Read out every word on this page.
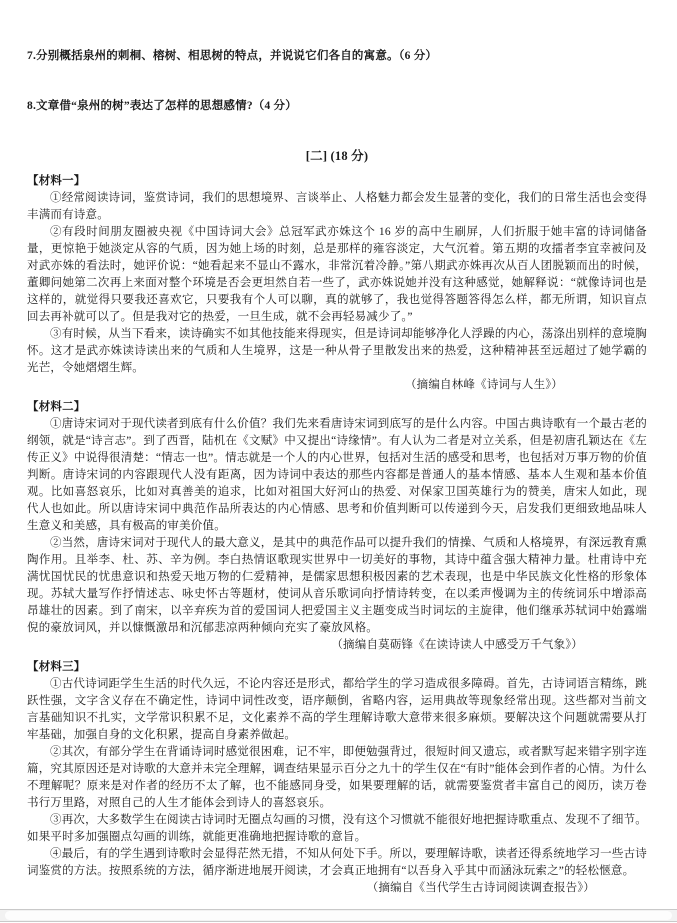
7.分别概括泉州的刺桐、榕树、相思树的特点，并说说它们各自的寓意。（6 分）

8.文章借“泉州的树”表达了怎样的思想感情?（4 分）

[二] (18 分)
【材料一】

①经常阅读诗词，鉴赏诗词，我们的思想境界、言谈举止、人格魅力都会发生显著的变化，我们的日常生活也会变得丰满而有诗意。

②有段时间朋友圈被央视《中国诗词大会》总冠军武亦姝这个 16 岁的高中生刷屏，人们折服于她丰富的诗词储备量，更惊艳于她淡定从容的气质，因为她上场的时刻，总是那样的雍容淡定，大气沉着。第五期的攻擂者李宜幸被问及对武亦姝的看法时，她评价说：“她看起来不显山不露水，非常沉着冷静。”第八期武亦姝再次从百人团脱颖而出的时候，董卿问她第二次再上来面对整个环境是否会更坦然自若一些了，武亦姝说她并没有这种感觉，她解释说：“就像诗词也是这样的，就觉得只要我还喜欢它，只要我有个人可以聊，真的就够了，我也觉得答题答得怎么样，都无所谓，知识盲点回去再补就可以了。但是我对它的热爱，一旦生成，就不会再轻易减少了。”

③有时候，从当下看来，读诗确实不如其他技能来得现实，但是诗词却能够净化人浮躁的内心，荡涤出别样的意境胸怀。这才是武亦姝读诗读出来的气质和人生境界，这是一种从骨子里散发出来的热爱，这种精神甚至远超过了她学霸的光芒，令她熠熠生辉。

（摘编自林峰《诗词与人生》）

【材料二】

①唐诗宋词对于现代读者到底有什么价值？我们先来看唐诗宋词到底写的是什么内容。中国古典诗歌有一个最古老的纲领，就是“诗言志”。到了西晋，陆机在《文赋》中又提出“诗缘情”。有人认为二者是对立关系，但是初唐孔颖达在《左传正义》中说得很清楚：“情志一也”。情志就是一个人的内心世界，包括对生活的感受和思考，也包括对万事万物的价值判断。唐诗宋词的内容跟现代人没有距离，因为诗词中表达的那些内容都是普通人的基本情感、基本人生观和基本价值观。比如喜怒哀乐，比如对真善美的追求，比如对祖国大好河山的热爱、对保家卫国英雄行为的赞美，唐宋人如此，现代人也如此。所以唐诗宋词中典范作品所表达的内心情感、思考和价值判断可以传递到今天，启发我们更细致地品味人生意义和美感，具有极高的审美价值。

②当然，唐诗宋词对于现代人的最大意义，是其中的典范作品可以提升我们的情操、气质和人格境界，有深远教育熏陶作用。且举李、杜、苏、辛为例。李白热情讴歌现实世界中一切美好的事物，其诗中蕴含强大精神力量。杜甫诗中充满忧国忧民的忧患意识和热爱天地万物的仁爱精神，是儒家思想积极因素的艺术表现，也是中华民族文化性格的形象体现。苏轼大量写作抒情述志、咏史怀古等题材，使词从音乐歌词向抒情诗转变，在以柔声慢调为主的传统词乐中增添高昂雄壮的因素。到了南宋，以辛弃疾为首的爱国词人把爱国主义主题变成当时词坛的主旋律，他们继承苏轼词中始露端倪的豪放词风，并以慷慨激昂和沉郁悲凉两种倾向充实了豪放风格。

（摘编自莫砺锋《在读诗读人中感受万千气象》）

【材料三】

①古代诗词距学生生活的时代久远，不论内容还是形式，都给学生的学习造成很多障碍。首先，古诗词语言精练，跳跃性强，文字含义存在不确定性，诗词中词性改变，语序颠倒，省略内容，运用典故等现象经常出现。这些都对当前文言基础知识不扎实，文学常识积累不足，文化素养不高的学生理解诗歌大意带来很多麻烦。要解决这个问题就需要从打牢基础，加强自身的文化积累，提高自身素养做起。

②其次，有部分学生在背诵诗词时感觉很困难，记不牢，即便勉强背过，很短时间又遗忘，或者默写起来错字别字连篇，究其原因还是对诗歌的大意并未完全理解，调查结果显示百分之九十的学生仅在“有时”能体会到作者的心情。为什么不理解呢？原来是对作者的经历不太了解，也不能感同身受，如果要理解的话，就需要鉴赏者丰富自己的阅历，读万卷书行万里路，对照自己的人生才能体会到诗人的喜怒哀乐。

③再次，大多数学生在阅读古诗词时无圈点勾画的习惯，没有这个习惯就不能很好地把握诗歌重点、发现不了细节。如果平时多加强圈点勾画的训练，就能更准确地把握诗歌的意旨。

④最后，有的学生遇到诗歌时会显得茫然无措，不知从何处下手。所以，要理解诗歌，读者还得系统地学习一些古诗词鉴赏的方法。按照系统的方法，循序渐进地展开阅读，才会真正地拥有“以吾身入乎其中而涵泳玩索之”的轻松惬意。

（摘编自《当代学生古诗词阅读调查报告》）
